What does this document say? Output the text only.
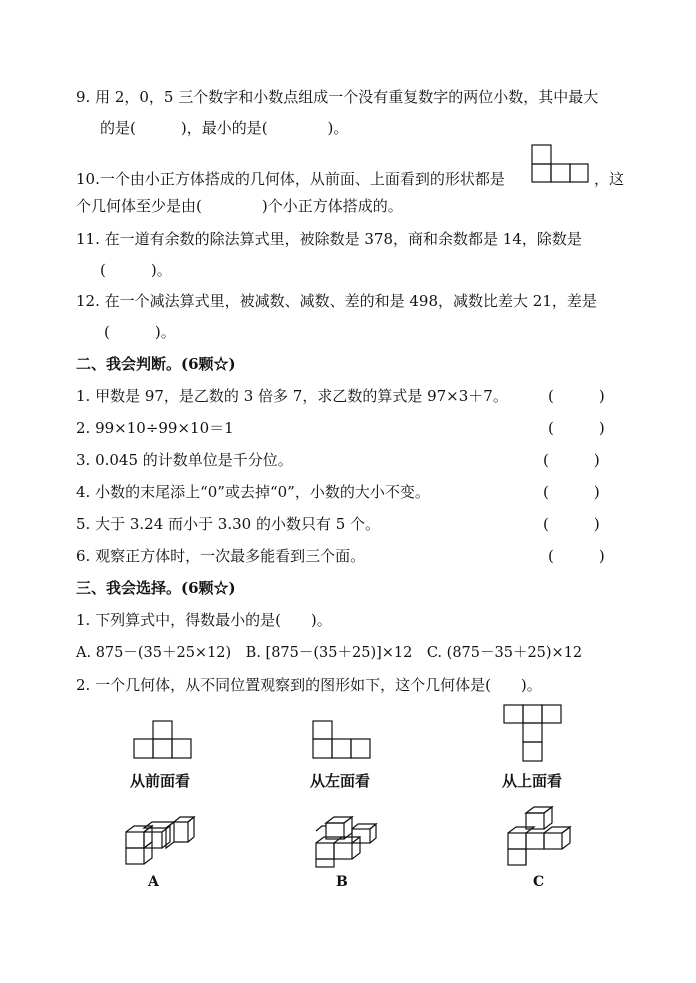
9. 用 2，0，5 三个数字和小数点组成一个没有重复数字的两位小数，其中最大
的是(　　　)，最小的是(　　　　)。
10.一个由小正方体搭成的几何体，从前面、上面看到的形状都是	，这
个几何体至少是由(　　　　)个小正方体搭成的。
11. 在一道有余数的除法算式里，被除数是 378，商和余数都是 14，除数是
(　　　)。
12. 在一个减法算式里，被减数、减数、差的和是 498，减数比差大 21，差是
(　　　)。
二、我会判断。(6颗☆)
1. 甲数是 97，是乙数的 3 倍多 7，求乙数的算式是 97×3＋7。	(　　　)
2. 99×10÷99×10＝1	(　　　)
3. 0.045 的计数单位是千分位。	(　　　)
4. 小数的末尾添上“0”或去掉“0”，小数的大小不变。	(　　　)
5. 大于 3.24 而小于 3.30 的小数只有 5 个。	(　　　)
6. 观察正方体时，一次最多能看到三个面。	(　　　)
三、我会选择。(6颗☆)
1. 下列算式中，得数最小的是(　　)。
A. 875－(35＋25×12)　B. [875－(35＋25)]×12　C. (875－35＋25)×12
2. 一个几何体，从不同位置观察到的图形如下，这个几何体是(　　)。
从前面看	从左面看	从上面看
A	B	C
